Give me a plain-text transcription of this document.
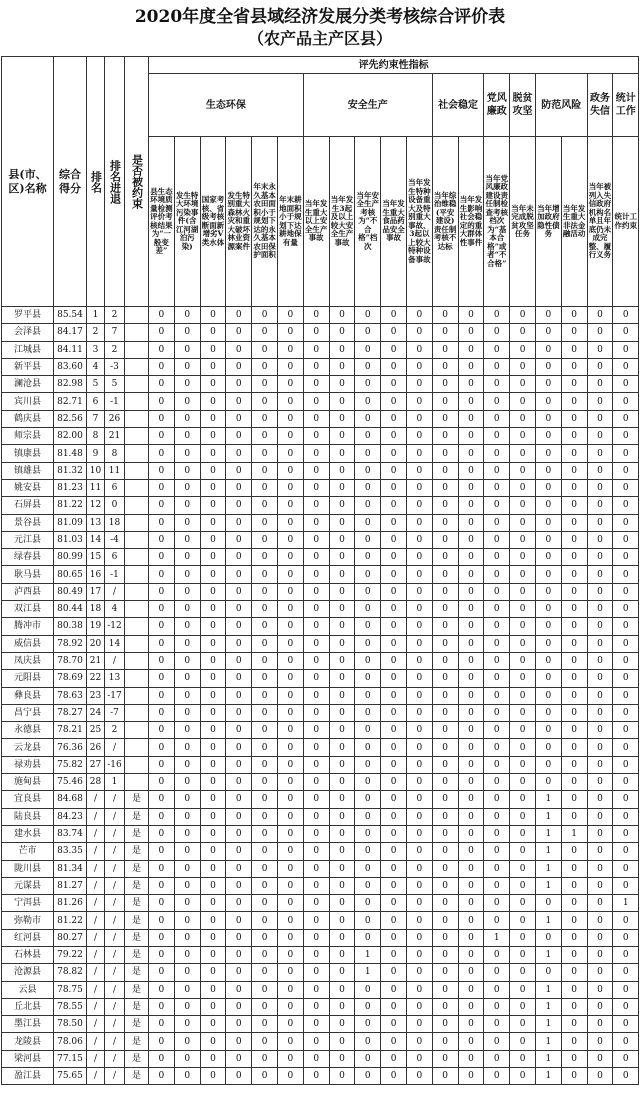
2020年度全省县域经济发展分类考核综合评价表
（农产品主产区县）
县(市、区)名称	综合得分	排名	排名进退	是否被约束	评先约束性指标																		
					生态环保						安全生产					社会稳定		党风廉政	脱贫攻坚	防范风险		政务失信	统计工作

					县生态环境质量检测评价考核结果为“一般变差”	发生特大环境污染事件(含江河湖泊污染)	国家考核、省级考核断面新增劣V类水体	发生特别重大森林火灾和重大破坏林业资源案件	年末永久基本农田面积小于规划下达的永久基本农田保护面积	年末耕地面积小于规划下达耕地保有量	当年发生重大以上安全生产事故	当年发生3起及以上较大安全生产事故	当年安全生产考核为“不合格”档次	当年发生重大食品药品安全事故	当年发生特种设备重大及特别重大事故、3起以上较大特种设备事故	当年综治维稳(平安建设)责任制考核不达标	当年发生影响社会稳定的重大群体性事件	当年党风廉政建设责任制检查考核档次为“基本合格”或者“不合格”	当年未完成脱贫攻坚任务	当年增加政府隐性债务	当年发生重大非法金融活动	当年被列入失信政府机构名单且年底仍未成完整、履行义务	统计工作约束

罗平县	85.54	1	2		0	0	0	0	0	0	0	0	0	0	0	0	0	0	0	0	0	0	0
会泽县	84.17	2	7		0	0	0	0	0	0	0	0	0	0	0	0	0	0	0	0	0	0	0
江城县	84.11	3	2		0	0	0	0	0	0	0	0	0	0	0	0	0	0	0	0	0	0	0
新平县	83.60	4	-3		0	0	0	0	0	0	0	0	0	0	0	0	0	0	0	0	0	0	0
澜沧县	82.98	5	5		0	0	0	0	0	0	0	0	0	0	0	0	0	0	0	0	0	0	0
宾川县	82.71	6	-1		0	0	0	0	0	0	0	0	0	0	0	0	0	0	0	0	0	0	0
鹤庆县	82.56	7	26		0	0	0	0	0	0	0	0	0	0	0	0	0	0	0	0	0	0	0
师宗县	82.00	8	21		0	0	0	0	0	0	0	0	0	0	0	0	0	0	0	0	0	0	0
镇康县	81.48	9	8		0	0	0	0	0	0	0	0	0	0	0	0	0	0	0	0	0	0	0
镇雄县	81.32	10	11		0	0	0	0	0	0	0	0	0	0	0	0	0	0	0	0	0	0	0
姚安县	81.23	11	6		0	0	0	0	0	0	0	0	0	0	0	0	0	0	0	0	0	0	0
石屏县	81.22	12	0		0	0	0	0	0	0	0	0	0	0	0	0	0	0	0	0	0	0	0
景谷县	81.09	13	18		0	0	0	0	0	0	0	0	0	0	0	0	0	0	0	0	0	0	0
元江县	81.03	14	-4		0	0	0	0	0	0	0	0	0	0	0	0	0	0	0	0	0	0	0
绿春县	80.99	15	6		0	0	0	0	0	0	0	0	0	0	0	0	0	0	0	0	0	0	0
耿马县	80.65	16	-1		0	0	0	0	0	0	0	0	0	0	0	0	0	0	0	0	0	0	0
泸西县	80.49	17	/		0	0	0	0	0	0	0	0	0	0	0	0	0	0	0	0	0	0	0
双江县	80.44	18	4		0	0	0	0	0	0	0	0	0	0	0	0	0	0	0	0	0	0	0
腾冲市	80.38	19	-12		0	0	0	0	0	0	0	0	0	0	0	0	0	0	0	0	0	0	0
威信县	78.92	20	14		0	0	0	0	0	0	0	0	0	0	0	0	0	0	0	0	0	0	0
凤庆县	78.70	21	/		0	0	0	0	0	0	0	0	0	0	0	0	0	0	0	0	0	0	0
元阳县	78.69	22	13		0	0	0	0	0	0	0	0	0	0	0	0	0	0	0	0	0	0	0
彝良县	78.63	23	-17		0	0	0	0	0	0	0	0	0	0	0	0	0	0	0	0	0	0	0
昌宁县	78.27	24	-7		0	0	0	0	0	0	0	0	0	0	0	0	0	0	0	0	0	0	0
永德县	78.21	25	2		0	0	0	0	0	0	0	0	0	0	0	0	0	0	0	0	0	0	0
云龙县	76.36	26	/		0	0	0	0	0	0	0	0	0	0	0	0	0	0	0	0	0	0	0
禄劝县	75.82	27	-16		0	0	0	0	0	0	0	0	0	0	0	0	0	0	0	0	0	0	0
施甸县	75.46	28	1		0	0	0	0	0	0	0	0	0	0	0	0	0	0	0	0	0	0	0
宜良县	84.68	/	/	是	0	0	0	0	0	0	0	0	0	0	0	0	0	0	0	1	0	0	0
陆良县	84.23	/	/	是	0	0	0	0	0	0	0	0	0	0	0	0	0	0	0	1	0	0	0
建水县	83.74	/	/	是	0	0	0	0	0	0	0	0	0	0	0	0	0	0	0	1	1	0	0
芒市	83.35	/	/	是	0	0	0	0	0	0	0	0	0	0	0	0	0	0	0	1	0	0	0
陇川县	81.34	/	/	是	0	0	0	0	0	0	0	0	0	0	0	0	0	0	0	1	0	0	0
元谋县	81.27	/	/	是	0	0	0	0	0	0	0	0	0	0	0	0	0	0	0	1	0	0	0
宁洱县	81.26	/	/	是	0	0	0	0	0	0	0	0	0	0	0	0	0	0	0	0	0	0	1
弥勒市	81.22	/	/	是	0	0	0	0	0	0	0	0	0	0	0	0	0	0	0	1	0	0	0
红河县	80.27	/	/	是	0	0	0	0	0	0	0	0	0	0	0	0	0	1	0	0	0	0	0
石林县	79.22	/	/	是	0	0	0	0	0	0	0	0	1	0	0	0	0	0	0	1	0	0	0
沧源县	78.82	/	/	是	0	0	0	0	0	0	0	0	1	0	0	0	0	0	0	0	0	0	0
云县	78.75	/	/	是	0	0	0	0	0	0	0	0	0	0	0	0	0	0	0	1	0	0	0
丘北县	78.55	/	/	是	0	0	0	0	0	0	0	0	0	0	0	0	0	0	0	1	0	0	0
墨江县	78.50	/	/	是	0	0	0	0	0	0	0	0	0	0	0	0	0	0	0	1	0	0	0
龙陵县	78.06	/	/	是	0	0	0	0	0	0	0	0	0	0	0	0	0	0	0	1	0	0	0
梁河县	77.15	/	/	是	0	0	0	0	0	0	0	0	0	0	0	0	0	0	0	1	0	0	0
盈江县	75.65	/	/	是	0	0	0	0	0	0	0	0	0	0	0	0	0	0	0	1	0	0	0
